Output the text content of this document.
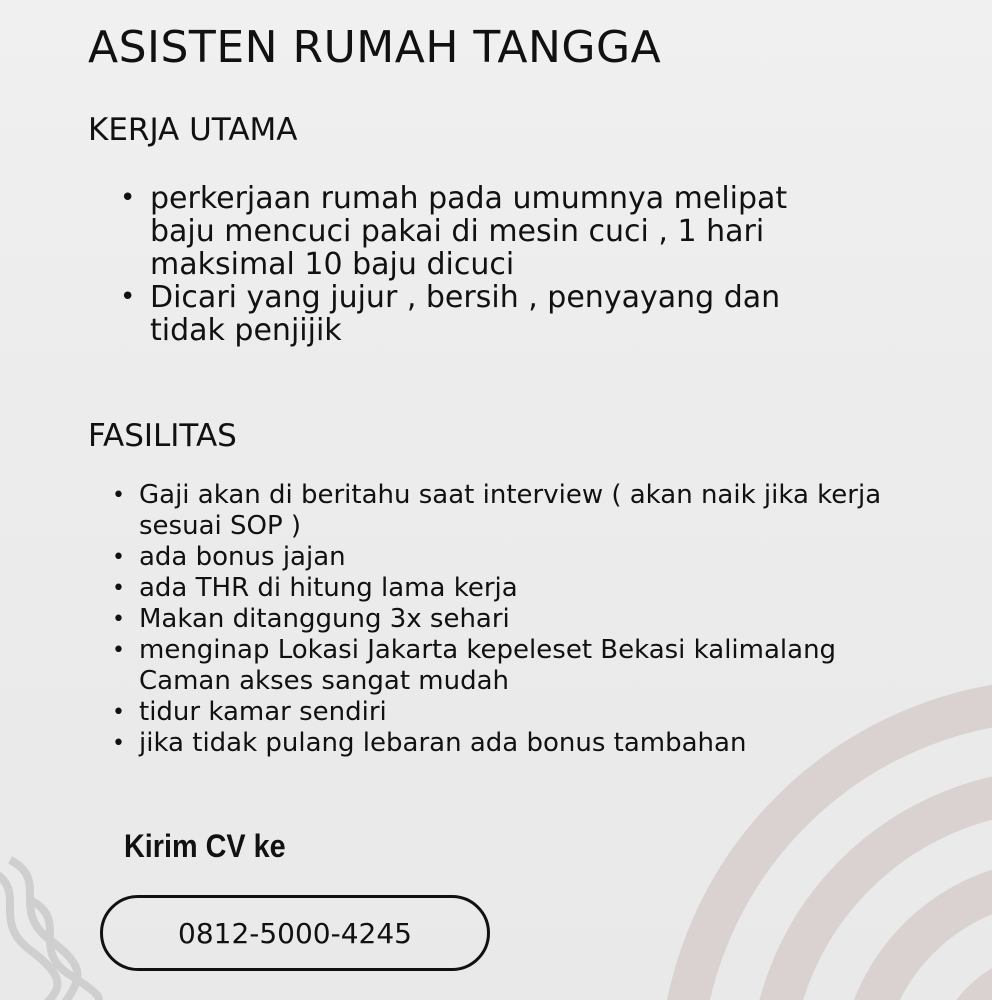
ASISTEN RUMAH TANGGA
KERJA UTAMA
• perkerjaan rumah pada umumnya melipat baju mencuci pakai di mesin cuci , 1 hari maksimal 10 baju dicuci
• Dicari yang jujur , bersih , penyayang dan tidak penjijik
FASILITAS
• Gaji akan di beritahu saat interview ( akan naik jika kerja sesuai SOP )
• ada bonus jajan
• ada THR di hitung lama kerja
• Makan ditanggung 3x sehari
• menginap Lokasi Jakarta kepeleset Bekasi kalimalang Caman akses sangat mudah
• tidur kamar sendiri
• jika tidak pulang lebaran ada bonus tambahan

Kirim CV ke

0812-5000-4245
